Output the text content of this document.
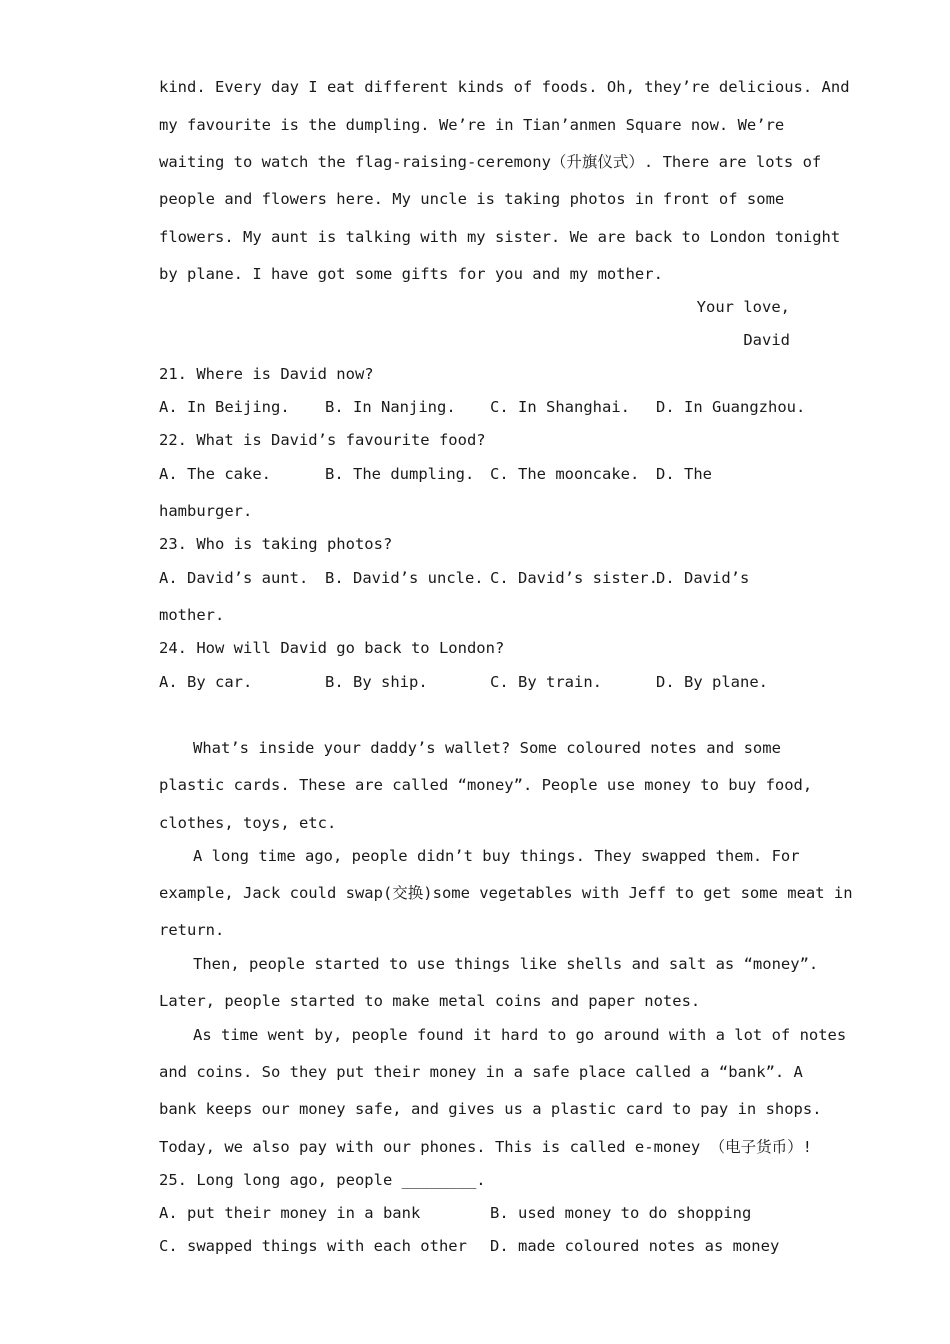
kind. Every day I eat different kinds of foods. Oh, they’re delicious. And
my favourite is the dumpling. We’re in Tian’anmen Square now. We’re
waiting to watch the flag-raising-ceremony（升旗仪式）. There are lots of
people and flowers here. My uncle is taking photos in front of some
flowers. My aunt is talking with my sister. We are back to London tonight
by plane. I have got some gifts for you and my mother.
Your love,
David
21. Where is David now?
A. In Beijing. B. In Nanjing. C. In Shanghai. D. In Guangzhou.
22. What is David’s favourite food?
A. The cake.	B. The dumpling. C. The mooncake. D. The
hamburger.
23. Who is taking photos?
A. David’s aunt. B. David’s uncle. C. David’s sister.
D. David’s
mother.
24. How will David go back to London?
A. By car.	B. By ship.	C. By train.	D. By plane.
What’s inside your daddy’s wallet? Some coloured notes and some
plastic cards. These are called “money”. People use money to buy food,
clothes, toys, etc.
A long time ago, people didn’t buy things. They swapped them. For
example, Jack could swap(交换)some vegetables with Jeff to get some meat in
return.
Then, people started to use things like shells and salt as “money”.
Later, people started to make metal coins and paper notes.
As time went by, people found it hard to go around with a lot of notes
and coins. So they put their money in a safe place called a “bank”. A
bank keeps our money safe, and gives us a plastic card to pay in shops.
Today, we also pay with our phones. This is called e-money （电子货币）!
25. Long long ago, people ________.
A. put their money in a bank	B. used money to do shopping
C. swapped things with each other D. made coloured notes as money
